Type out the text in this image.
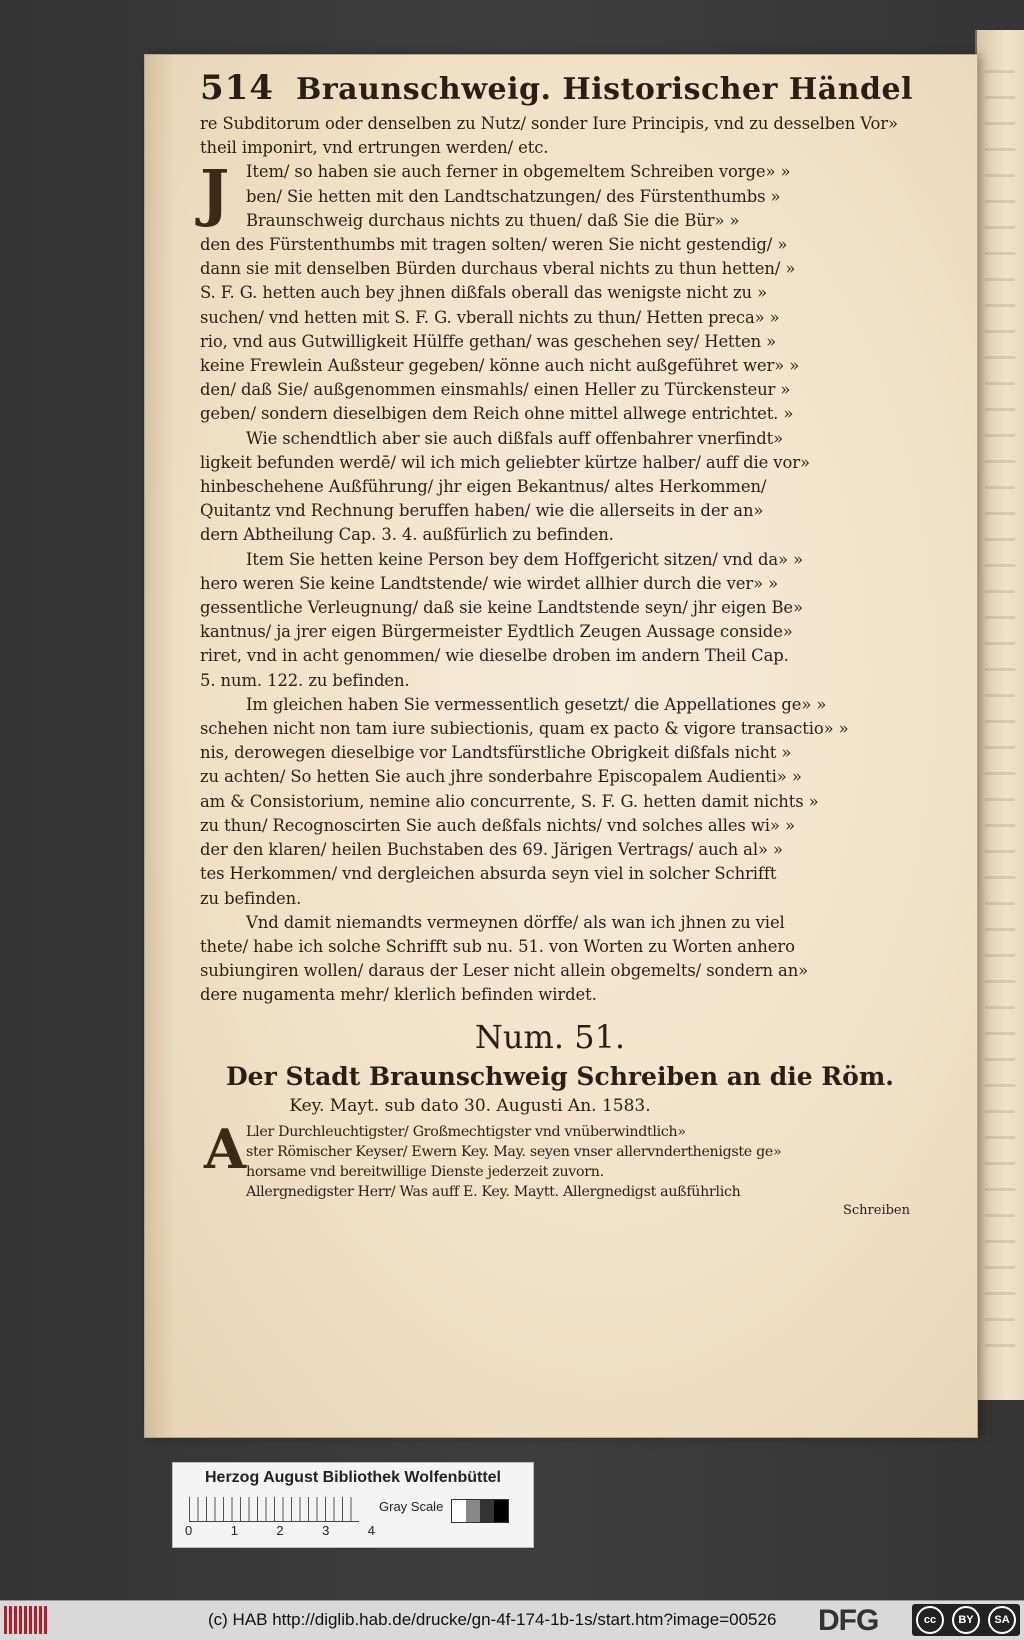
514 Braunschweig. Historischer Händel
re Subditorum oder denselben zu Nutz/ sonder Iure Principis, vnd zu desselben Vor»
theil imponirt, vnd ertrungen werden/ etc.
J	Item/ so haben sie auch ferner in obgemeltem Schreiben vorge» »
ben/ Sie hetten mit den Landtschatzungen/ des Fürstenthumbs »
Braunschweig durchaus nichts zu thuen/ daß Sie die Bür» »
den des Fürstenthumbs mit tragen solten/ weren Sie nicht gestendig/ »
dann sie mit denselben Bürden durchaus vberal nichts zu thun hetten/ »
S. F. G. hetten auch bey jhnen dißfals oberall das wenigste nicht zu »
suchen/ vnd hetten mit S. F. G. vberall nichts zu thun/ Hetten preca» »
rio, vnd aus Gutwilligkeit Hülffe gethan/ was geschehen sey/ Hetten »
keine Frewlein Außsteur gegeben/ könne auch nicht außgeführet wer» »
den/ daß Sie/ außgenommen einsmahls/ einen Heller zu Türckensteur »
geben/ sondern dieselbigen dem Reich ohne mittel allwege entrichtet. »
Wie schendtlich aber sie auch dißfals auff offenbahrer vnerfindt»
ligkeit befunden werdē/ wil ich mich geliebter kürtze halber/ auff die vor»
hinbeschehene Außführung/ jhr eigen Bekantnus/ altes Herkommen/
Quitantz vnd Rechnung beruffen haben/ wie die allerseits in der an»
dern Abtheilung Cap. 3. 4. außfürlich zu befinden.
Item Sie hetten keine Person bey dem Hoffgericht sitzen/ vnd da» »
hero weren Sie keine Landtstende/ wie wirdet allhier durch die ver» »
gessentliche Verleugnung/ daß sie keine Landtstende seyn/ jhr eigen Be»
kantnus/ ja jrer eigen Bürgermeister Eydtlich Zeugen Aussage conside»
riret, vnd in acht genommen/ wie dieselbe droben im andern Theil Cap.
5. num. 122. zu befinden.
Im gleichen haben Sie vermessentlich gesetzt/ die Appellationes ge» »
schehen nicht non tam iure subiectionis, quam ex pacto & vigore transactio» »
nis, derowegen dieselbige vor Landtsfürstliche Obrigkeit dißfals nicht »
zu achten/ So hetten Sie auch jhre sonderbahre Episcopalem Audienti» »
am & Consistorium, nemine alio concurrente, S. F. G. hetten damit nichts »
zu thun/ Recognoscirten Sie auch deßfals nichts/ vnd solches alles wi» »
der den klaren/ heilen Buchstaben des 69. Järigen Vertrags/ auch al» »
tes Herkommen/ vnd dergleichen absurda seyn viel in solcher Schrifft
zu befinden.
Vnd damit niemandts vermeynen dörffe/ als wan ich jhnen zu viel
thete/ habe ich solche Schrifft sub nu. 51. von Worten zu Worten anhero
subiungiren wollen/ daraus der Leser nicht allein obgemelts/ sondern an»
dere nugamenta mehr/ klerlich befinden wirdet.
Num. 51.
Der Stadt Braunschweig Schreiben an die Röm.
Key. Mayt. sub dato 30. Augusti An. 1583.
A Ller Durchleuchtigster/ Großmechtigster vnd vnüberwindtlich»
ster Römischer Keyser/ Ewern Key. May. seyen vnser allervnderthenigste ge»
horsame vnd bereitwillige Dienste jederzeit zuvorn.
Allergnedigster Herr/ Was auff E. Key. Maytt. Allergnedigst außführlich
Schreiben
Herzog August Bibliothek Wolfenbüttel
0	1	2	3	4
Gray Scale
(c) HAB http://diglib.hab.de/drucke/gn-4f-174-1b-1s/start.htm?image=00526 DFG	cc	BY	SA
